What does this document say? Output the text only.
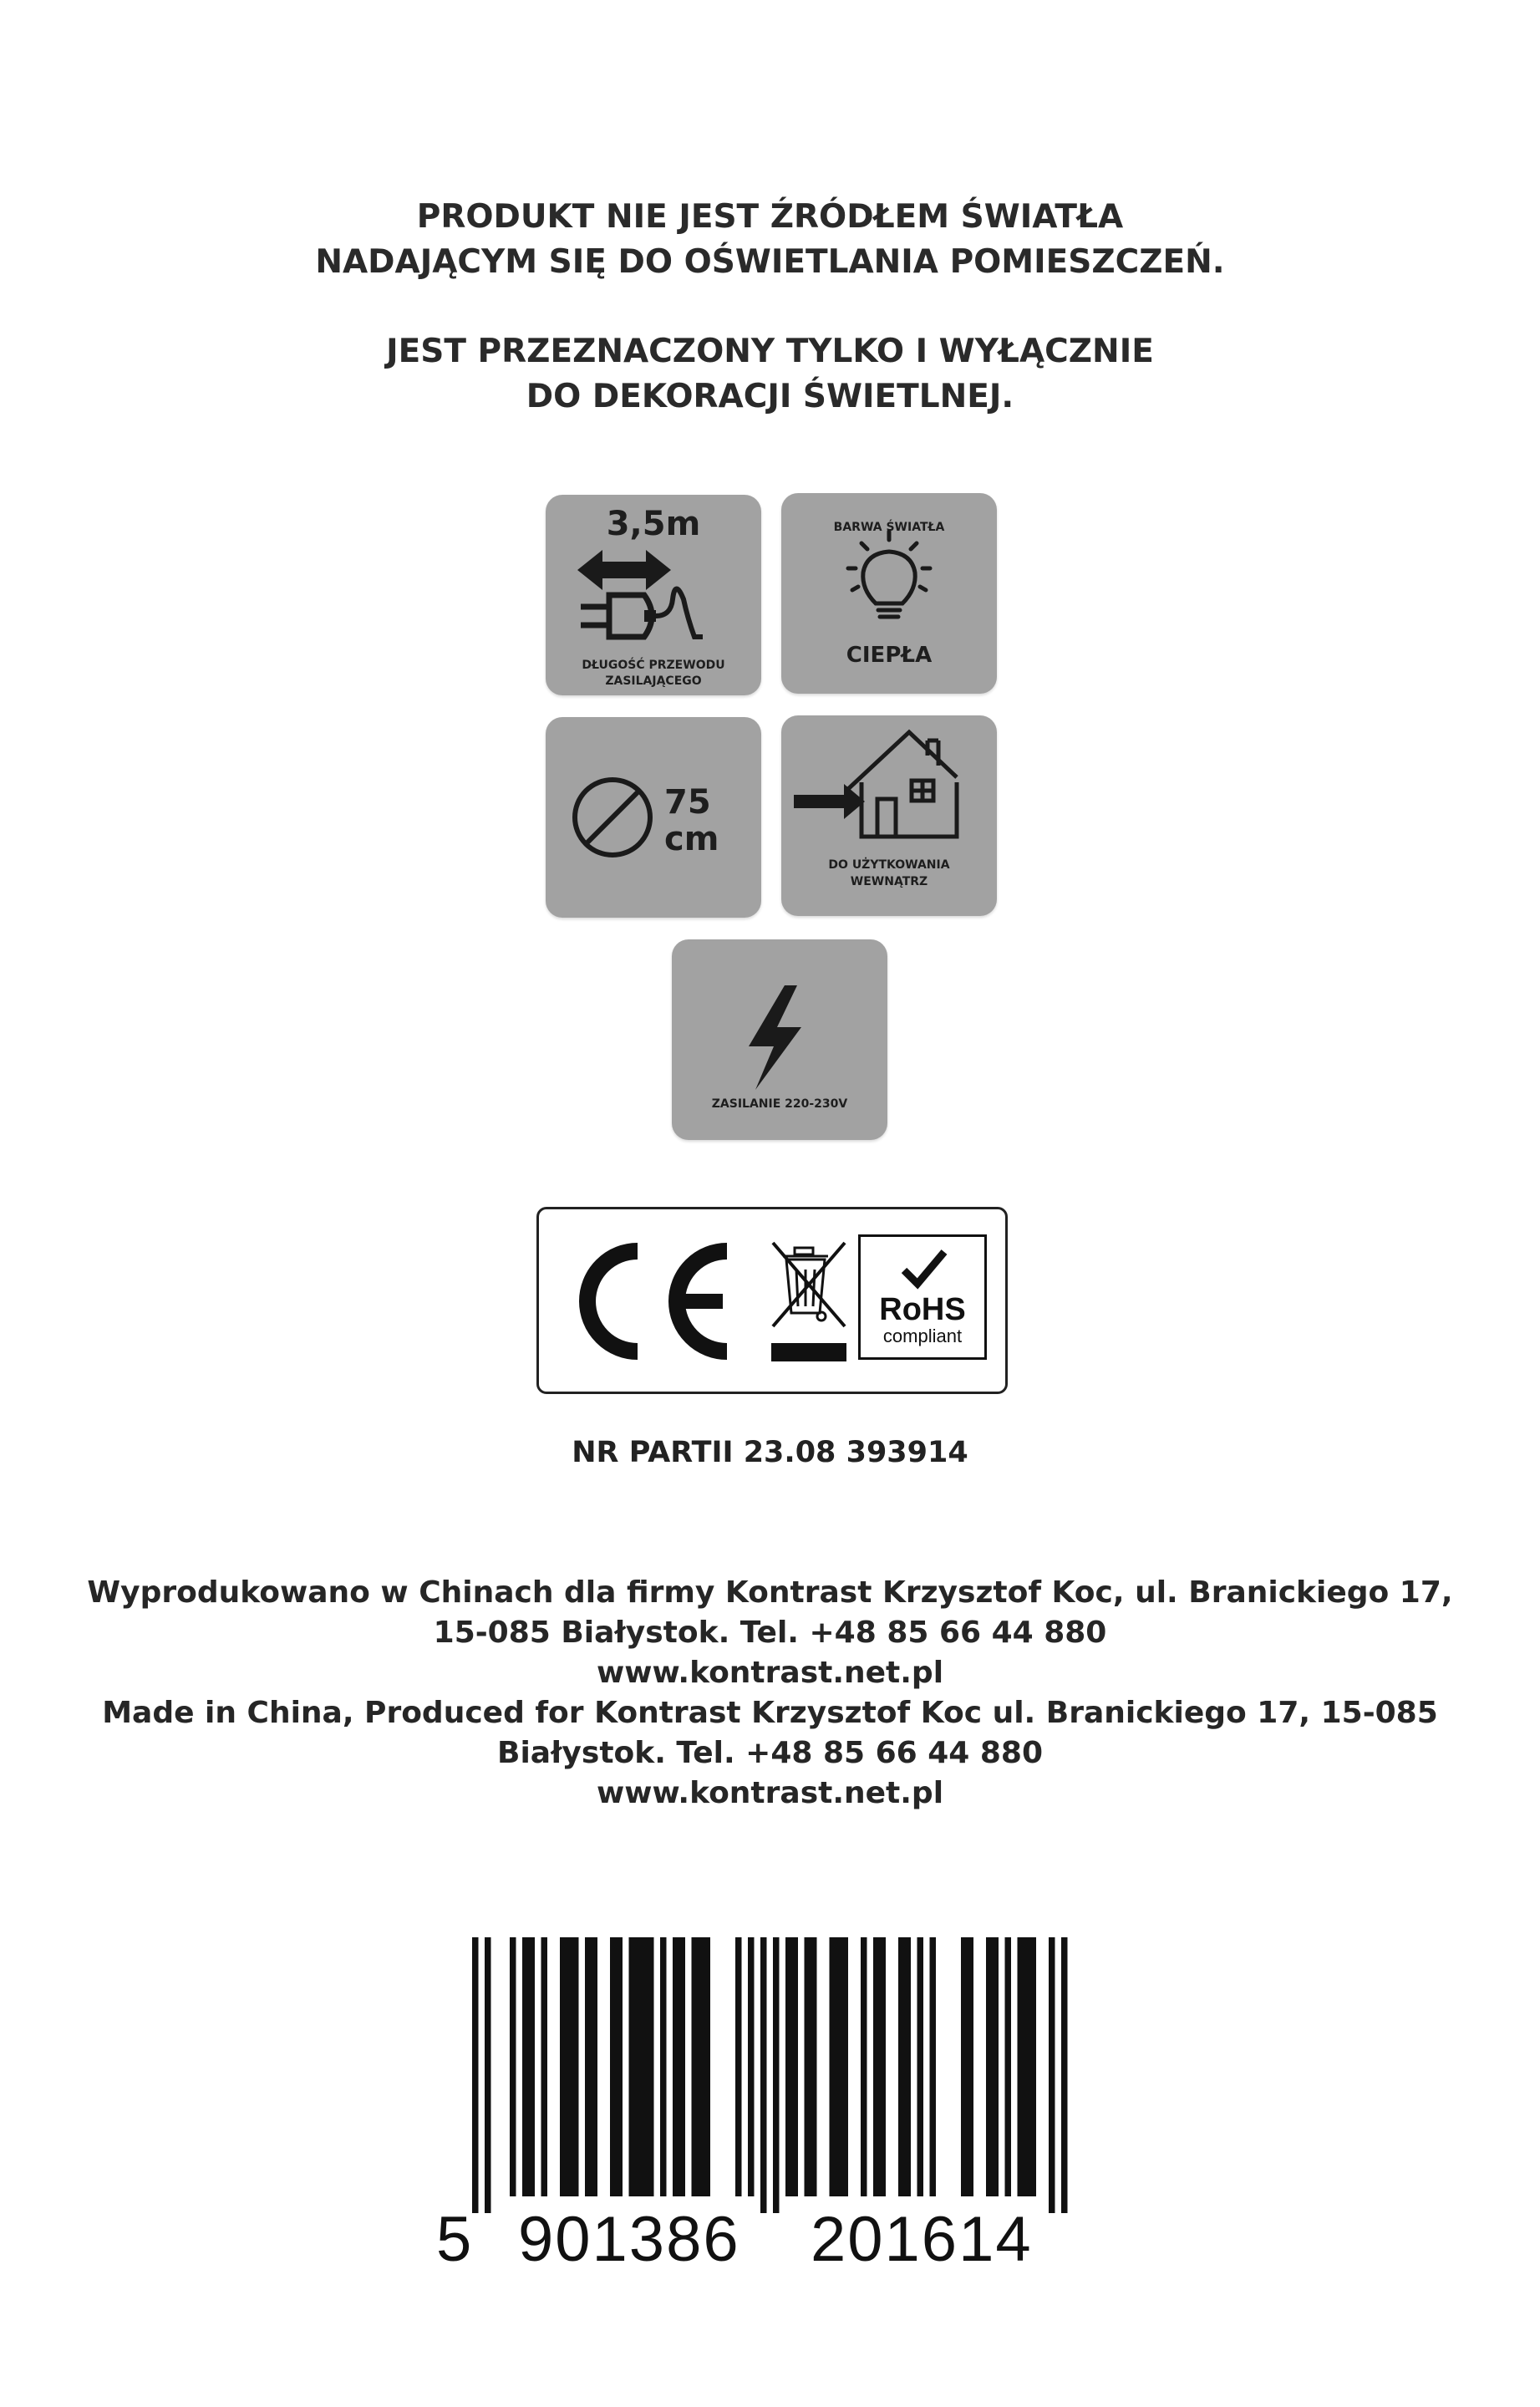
PRODUKT NIE JEST ŹRÓDŁEM ŚWIATŁA

NADAJĄCYM SIĘ DO OŚWIETLANIA POMIESZCZEŃ.

JEST PRZEZNACZONY TYLKO I WYŁĄCZNIE

DO DEKORACJI ŚWIETLNEJ.

3,5m
DŁUGOŚĆ PRZEWODU
ZASILAJĄCEGO
BARWA ŚWIATŁA
CIEPŁA
75
cm
DO UŻYTKOWANIA
WEWNĄTRZ
ZASILANIE 220-230V
RoHS
compliant
NR PARTII 23.08 393914

Wyprodukowano w Chinach dla firmy Kontrast Krzysztof Koc, ul. Branickiego 17,

15-085 Białystok. Tel. +48 85 66 44 880

www.kontrast.net.pl

Made in China, Produced for Kontrast Krzysztof Koc ul. Branickiego 17, 15-085

Białystok. Tel. +48 85 66 44 880

www.kontrast.net.pl

5 901386 201614
